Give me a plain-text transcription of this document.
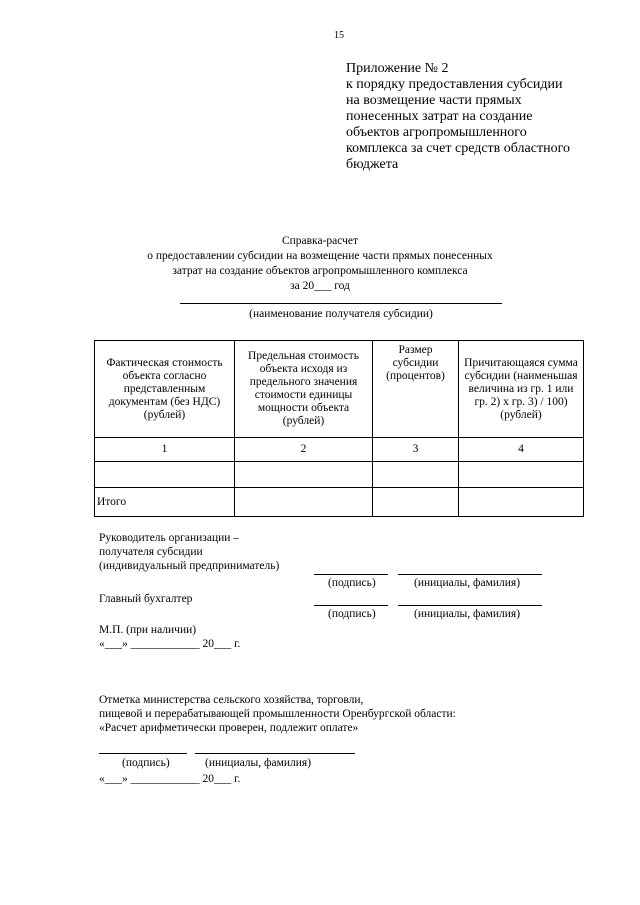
15
Приложение № 2
к порядку предоставления субсидии
на возмещение части прямых
понесенных затрат на создание
объектов агропромышленного
комплекса за счет средств областного
бюджета
Справка-расчет
о предоставлении субсидии на возмещение части прямых понесенных
затрат на создание объектов агропромышленного комплекса
за 20___ год
(наименование получателя субсидии)
Фактическая стоимость объекта согласно представленным документам (без НДС) (рублей)	Предельная стоимость объекта исходя из предельного значения стоимости единицы мощности объекта (рублей)	Размер субсидии (процентов)	Причитающаяся сумма субсидии (наименьшая величина из гр. 1 или гр. 2) х гр. 3) / 100) (рублей)
1	2	3	4

Итого			
Руководитель организации –
получателя субсидии
(индивидуальный предприниматель)
(подпись)	(инициалы, фамилия)
Главный бухгалтер
(подпись)	(инициалы, фамилия)
М.П. (при наличии)
«___» ____________ 20___ г.
Отметка министерства сельского хозяйства, торговли,
пищевой и перерабатывающей промышленности Оренбургской области:
«Расчет арифметически проверен, подлежит оплате»
(подпись)	(инициалы, фамилия)
«___» ____________ 20___ г.
